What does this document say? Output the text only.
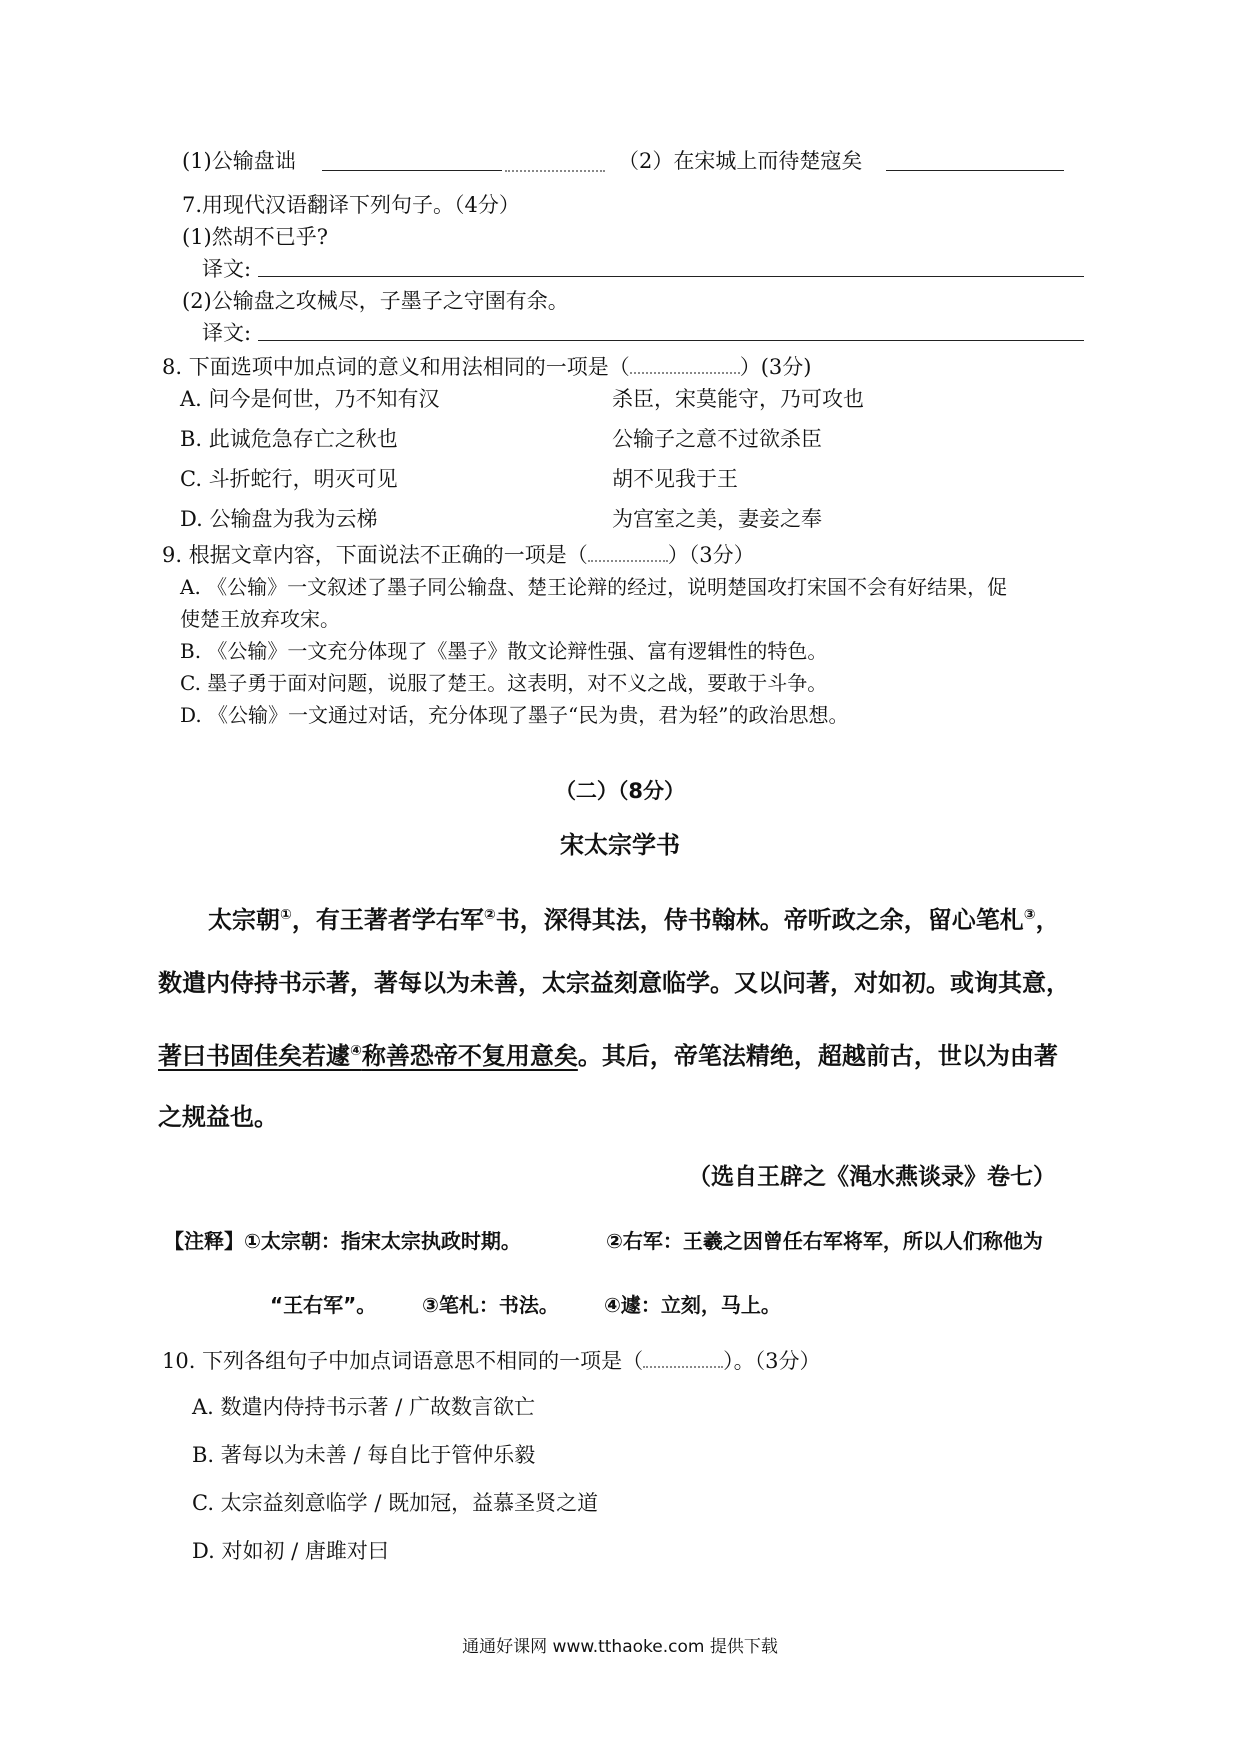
(1)公输盘诎	（2）在宋城上而待楚寇矣
7.用现代汉语翻译下列句子。（4分）
(1)然胡不已乎?
译文:
(2)公输盘之攻械尽，子墨子之守圉有余。
译文:
8. 下面选项中加点词的意义和用法相同的一项是（	）(3分)
A. 问今是何世，乃不知有汉	杀臣，宋莫能守，乃可攻也
B. 此诚危急存亡之秋也	公输子之意不过欲杀臣
C. 斗折蛇行，明灭可见	胡不见我于王
D. 公输盘为我为云梯	为宫室之美，妻妾之奉
9. 根据文章内容，下面说法不正确的一项是（	）（3分）
A. 《公输》一文叙述了墨子同公输盘、楚王论辩的经过，说明楚国攻打宋国不会有好结果，促
使楚王放弃攻宋。
B. 《公输》一文充分体现了《墨子》散文论辩性强、富有逻辑性的特色。
C. 墨子勇于面对问题，说服了楚王。这表明，对不义之战，要敢于斗争。
D. 《公输》一文通过对话，充分体现了墨子“民为贵，君为轻”的政治思想。
（二）（8分）
宋太宗学书
太宗朝①，有王著者学右军②书，深得其法，侍书翰林。帝听政之余，留心笔札③，
数遣内侍持书示著，著每以为未善，太宗益刻意临学。又以问著，对如初。或询其意，
著曰书固佳矣若遽④称善恐帝不复用意矣。其后，帝笔法精绝，超越前古，世以为由著
之规益也。
（选自王辟之《渑水燕谈录》卷七）
【注释】①太宗朝：指宋太宗执政时期。	②右军：王羲之因曾任右军将军，所以人们称他为
“王右军”。 ③笔札：书法。 ④遽：立刻，马上。
10. 下列各组句子中加点词语意思不相同的一项是（	）。（3分）
A. 数遣内侍持书示著 / 广故数言欲亡
B. 著每以为未善 / 每自比于管仲乐毅
C. 太宗益刻意临学 / 既加冠，益慕圣贤之道
D. 对如初 / 唐雎对曰
通通好课网 www.tthaoke.com 提供下载
